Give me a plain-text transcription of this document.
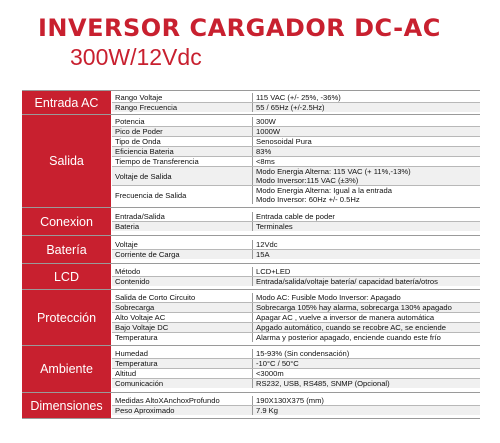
INVERSOR CARGADOR DC-AC
300W/12Vdc
Entrada AC	Rango Voltaje	115 VAC (+/- 25%, -36%)
Rango Frecuencia	55 / 65Hz (+/-2.5Hz)
Salida
Potencia	300W
Pico de Poder	1000W
Tipo de Onda	Senosoidal Pura
Eficiencia Bateria	83%
Tiempo de Transferencia	<8ms
Voltaje de Salida	Modo Energia Alterna: 115 VAC (+ 11%,-13%)
Modo Inversor:115 VAC (±3%)
Frecuencia de Salida	Modo Energia Alterna: Igual a la entrada
Modo Inversor: 60Hz +/- 0.5Hz
Conexion	Entrada/Salida	Entrada cable de poder
Bateria	Terminales
Batería	Voltaje	12Vdc
Corriente de Carga	15A
LCD	Método	LCD+LED
Contenido	Entrada/salida/voltaje batería/ capacidad batería/otros
Protección
Salida de Corto Circuito	Modo AC: Fusible Modo Inversor: Apagado
Sobrecarga	Sobrecarga 105% hay alarma, sobrecarga 130% apagado
Alto Voltaje AC	Apagar AC , vuelve a inversor de manera automática
Bajo Voltaje DC	Apgado automático, cuando se recobre AC, se enciende
Temperatura	Alarma y posterior apagado, enciende cuando este frío
Ambiente
Humedad	15-93% (Sin condensación)
Temperatura	-10°C / 50°C
Altitud	<3000m
Comunicación	RS232, USB, RS485, SNMP (Opcional)
Dimensiones	Medidas AltoXAnchoxProfundo	190X130X375 (mm)
Peso Aproximado	7.9 Kg
